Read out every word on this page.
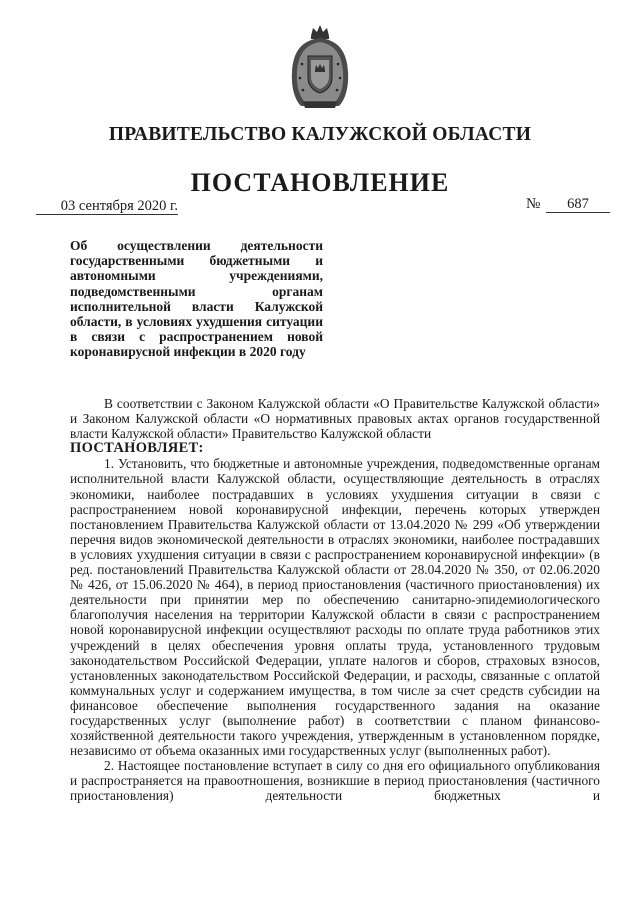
ПРАВИТЕЛЬСТВО КАЛУЖСКОЙ ОБЛАСТИ
ПОСТАНОВЛЕНИЕ
03 сентября 2020 г.	№	687
Об осуществлении деятельности государственными бюджетными и автономными учреждениями, подведомственными органам исполнительной власти Калужской области, в условиях ухудшения ситуации в связи с распространением новой коронавирусной инфекции в 2020 году

В соответствии с Законом Калужской области «О Правительстве Калужской области» и Законом Калужской области «О нормативных правовых актах органов государственной власти Калужской области» Правительство Калужской области

ПОСТАНОВЛЯЕТ:

1. Установить, что бюджетные и автономные учреждения, подведомственные органам исполнительной власти Калужской области, осуществляющие деятельность в отраслях экономики, наиболее пострадавших в условиях ухудшения ситуации в связи с распространением новой коронавирусной инфекции, перечень которых утвержден постановлением Правительства Калужской области от 13.04.2020 № 299 «Об утверждении перечня видов экономической деятельности в отраслях экономики, наиболее пострадавших в условиях ухудшения ситуации в связи с распространением коронавирусной инфекции» (в ред. постановлений Правительства Калужской области от 28.04.2020 № 350, от 02.06.2020 № 426, от 15.06.2020 № 464), в период приостановления (частичного приостановления) их деятельности при принятии мер по обеспечению санитарно-эпидемиологического благополучия населения на территории Калужской области в связи с распространением новой коронавирусной инфекции осуществляют расходы по оплате труда работников этих учреждений в целях обеспечения уровня оплаты труда, установленного трудовым законодательством Российской Федерации, уплате налогов и сборов, страховых взносов, установленных законодательством Российской Федерации, и расходы, связанные с оплатой коммунальных услуг и содержанием имущества, в том числе за счет средств субсидии на финансовое обеспечение выполнения государственного задания на оказание государственных услуг (выполнение работ) в соответствии с планом финансово-хозяйственной деятельности такого учреждения, утвержденным в установленном порядке, независимо от объема оказанных ими государственных услуг (выполненных работ).

2. Настоящее постановление вступает в силу со дня его официального опубликования и распространяется на правоотношения, возникшие в период приостановления (частичного приостановления) деятельности бюджетных и
